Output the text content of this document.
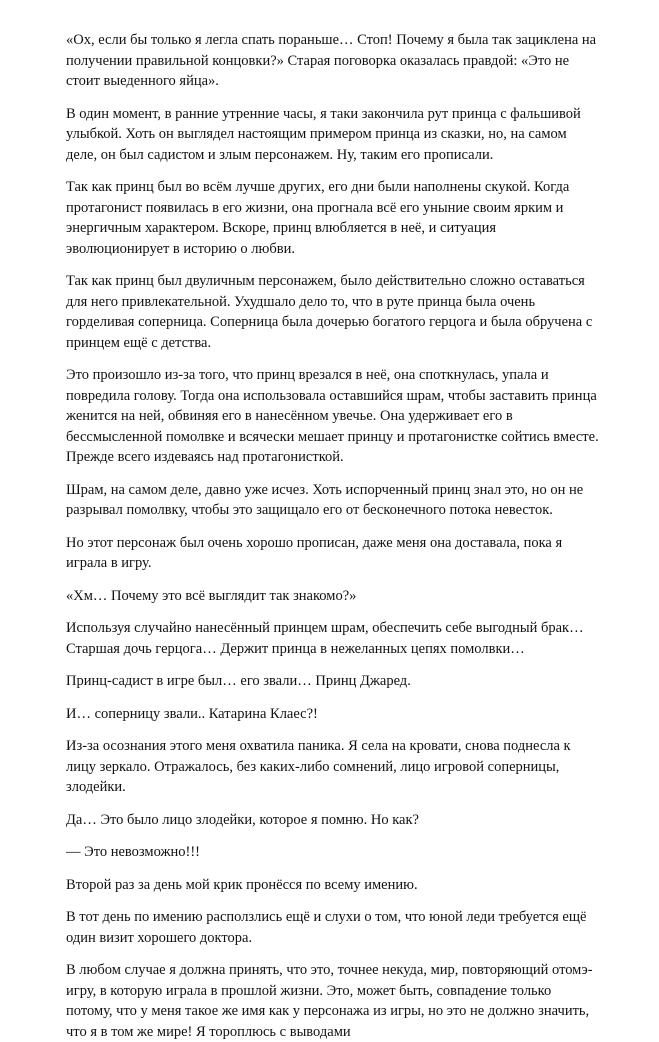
«Ох, если бы только я легла спать пораньше… Стоп! Почему я была так зациклена на получении правильной концовки?» Старая поговорка оказалась правдой: «Это не стоит выеденного яйца».

В один момент, в ранние утренние часы, я таки закончила рут принца с фальшивой улыбкой. Хоть он выглядел настоящим примером принца из сказки, но, на самом деле, он был садистом и злым персонажем. Ну, таким его прописали.

Так как принц был во всём лучше других, его дни были наполнены скукой. Когда протагонист появилась в его жизни, она прогнала всё его уныние своим ярким и энергичным характером. Вскоре, принц влюбляется в неё, и ситуация эволюционирует в историю о любви.

Так как принц был двуличным персонажем, было действительно сложно оставаться для него привлекательной. Ухудшало дело то, что в руте принца была очень горделивая соперница. Соперница была дочерью богатого герцога и была обручена с принцем ещё с детства.

Это произошло из-за того, что принц врезался в неё, она споткнулась, упала и повредила голову. Тогда она использовала оставшийся шрам, чтобы заставить принца женится на ней, обвиняя его в нанесённом увечье. Она удерживает его в бессмысленной помолвке и всячески мешает принцу и протагонистке сойтись вместе. Прежде всего издеваясь над протагонисткой.

Шрам, на самом деле, давно уже исчез. Хоть испорченный принц знал это, но он не разрывал помолвку, чтобы это защищало его от бесконечного потока невесток.

Но этот персонаж был очень хорошо прописан, даже меня она доставала, пока я играла в игру.

«Хм… Почему это всё выглядит так знакомо?»

Используя случайно нанесённый принцем шрам, обеспечить себе выгодный брак… Старшая дочь герцога… Держит принца в нежеланных цепях помолвки…

Принц-садист в игре был… его звали… Принц Джаред.

И… соперницу звали.. Катарина Клаес?!

Из-за осознания этого меня охватила паника. Я села на кровати, снова поднесла к лицу зеркало. Отражалось, без каких-либо сомнений, лицо игровой соперницы, злодейки.

Да… Это было лицо злодейки, которое я помню. Но как?

— Это невозможно!!!

Второй раз за день мой крик пронёсся по всему имению.

В тот день по имению расползлись ещё и слухи о том, что юной леди требуется ещё один визит хорошего доктора.

В любом случае я должна принять, что это, точнее некуда, мир, повторяющий отомэ-игру, в которую играла в прошлой жизни. Это, может быть, совпадение только потому, что у меня такое же имя как у персонажа из игры, но это не должно значить, что я в том же мире! Я тороплюсь с выводами
